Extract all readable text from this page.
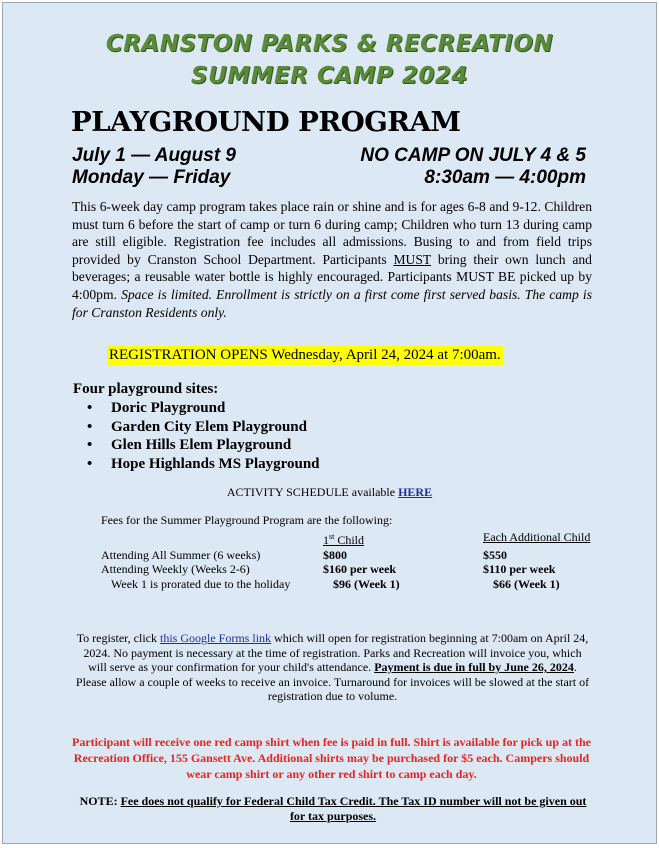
CRANSTON PARKS & RECREATION
SUMMER CAMP 2024
PLAYGROUND PROGRAM
July 1 — August 9
Monday — Friday
NO CAMP ON JULY 4 & 5
8:30am — 4:00pm
This 6-week day camp program takes place rain or shine and is for ages 6-8 and 9-12. Children must turn 6 before the start of camp or turn 6 during camp; Children who turn 13 during camp are still eligible. Registration fee includes all admissions. Busing to and from field trips provided by Cranston School Department. Participants MUST bring their own lunch and beverages; a reusable water bottle is highly encouraged. Participants MUST BE picked up by 4:00pm. Space is limited. Enrollment is strictly on a first come first served basis. The camp is for Cranston Residents only.
REGISTRATION OPENS Wednesday, April 24, 2024 at 7:00am.
Four playground sites:
• Doric Playground
• Garden City Elem Playground
• Glen Hills Elem Playground
• Hope Highlands MS Playground
ACTIVITY SCHEDULE available HERE
Fees for the Summer Playground Program are the following:
	1st Child	Each Additional Child
Attending All Summer (6 weeks)	$800	$550
Attending Weekly (Weeks 2-6)	$160 per week	$110 per week
Week 1 is prorated due to the holiday	$96 (Week 1)	$66 (Week 1)
To register, click this Google Forms link which will open for registration beginning at 7:00am on April 24, 2024. No payment is necessary at the time of registration. Parks and Recreation will invoice you, which will serve as your confirmation for your child's attendance. Payment is due in full by June 26, 2024. Please allow a couple of weeks to receive an invoice. Turnaround for invoices will be slowed at the start of registration due to volume.
Participant will receive one red camp shirt when fee is paid in full. Shirt is available for pick up at the Recreation Office, 155 Gansett Ave. Additional shirts may be purchased for $5 each. Campers should wear camp shirt or any other red shirt to camp each day.
NOTE: Fee does not qualify for Federal Child Tax Credit. The Tax ID number will not be given out for tax purposes.
